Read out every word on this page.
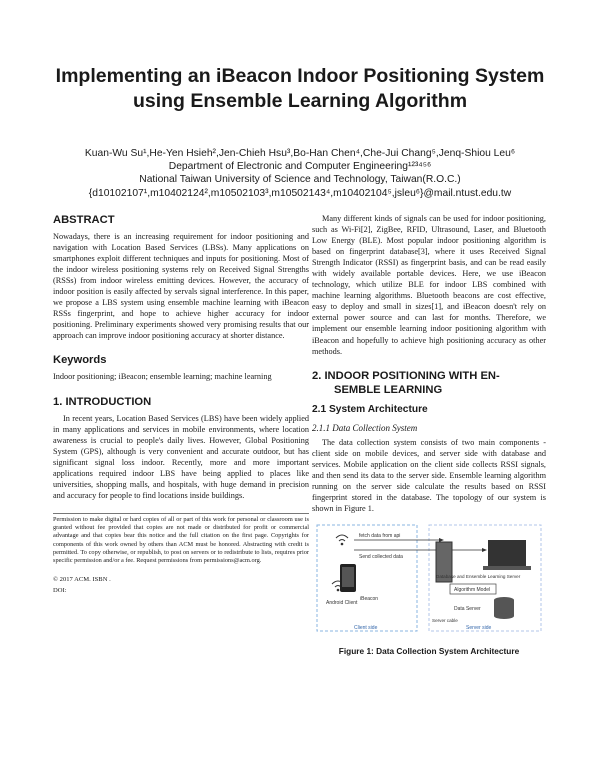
Implementing an iBeacon Indoor Positioning System
using Ensemble Learning Algorithm
Kuan-Wu Su¹,He-Yen Hsieh²,Jen-Chieh Hsu³,Bo-Han Chen⁴,Che-Jui Chang⁵,Jenq-Shiou Leu⁶
Department of Electronic and Computer Engineering¹²³⁴⁵⁶
National Taiwan University of Science and Technology, Taiwan(R.O.C.)
{d10102107¹,m10402124²,m10502103³,m10502143⁴,m10402104⁵,jsleu⁶}@mail.ntust.edu.tw
ABSTRACT

Nowadays, there is an increasing requirement for indoor positioning and navigation with Location Based Services (LBSs). Many applications on smartphones exploit different techniques and inputs for positioning. Most of the indoor wireless positioning systems rely on Received Signal Strengths (RSSs) from indoor wireless emitting devices. However, the accuracy of indoor position is easily affected by servals signal interference. In this paper, we propose a LBS system using ensemble machine learning with iBeacon RSSs fingerprint, and hope to achieve higher accuracy for indoor positioning. Preliminary experiments showed very promising results that our approach can improve indoor positioning accuracy at shorter distance.

Keywords

Indoor positioning; iBeacon; ensemble learning; machine learning

1. INTRODUCTION

In recent years, Location Based Services (LBS) have been widely applied in many applications and services in mobile environments, where location awareness is crucial to people's daily lives. However, Global Positioning System (GPS), although is very convenient and accurate outdoor, but has significant signal loss indoor. Recently, more and more important applications required indoor LBS have being applied to places like universities, shopping malls, and hospitals, with huge demand in precision and accuracy for people to find locations inside buildings.

Permission to make digital or hard copies of all or part of this work for personal or classroom use is granted without fee provided that copies are not made or distributed for profit or commercial advantage and that copies bear this notice and the full citation on the first page. Copyrights for components of this work owned by others than ACM must be honored. Abstracting with credit is permitted. To copy otherwise, or republish, to post on servers or to redistribute to lists, requires prior specific permission and/or a fee. Request permissions from permissions@acm.org.
© 2017 ACM. ISBN .
DOI:

Many different kinds of signals can be used for indoor positioning, such as Wi-Fi[2], ZigBee, RFID, Ultrasound, Laser, and Bluetooth Low Energy (BLE). Most popular indoor positioning algorithm is based on fingerprint database[3], where it uses Received Signal Strength Indicator (RSSI) as fingerprint basis, and can be read easily with widely available portable devices. Here, we use iBeacon technology, which utilize BLE for indoor LBS combined with machine learning algorithms. Bluetooth beacons are cost effective, easy to deploy and small in sizes[1], and iBeacon doesn't rely on external power source and can last for months. Therefore, we implement our ensemble learning indoor positioning algorithm with iBeacon and hopefully to achieve high positioning accuracy as other methods.

2. INDOOR POSITIONING WITH EN-
SEMBLE LEARNING
2.1 System Architecture
2.1.1 Data Collection System

The data collection system consists of two main components - client side on mobile devices, and server side with database and services. Mobile application on the client side collects RSSI signals, and then send its data to the server side. Ensemble learning algorithm running on the server side calculate the results based on RSSI fingerprint stored in the database. The topology of our system is shown in Figure 1.

fetch data from api
Send collected data
Android Client
iBeacon
Database and Ensemble Learning Server
Algorithm Model
Data Server
Client side	Server side
Server cable
Figure 1: Data Collection System Architecture
